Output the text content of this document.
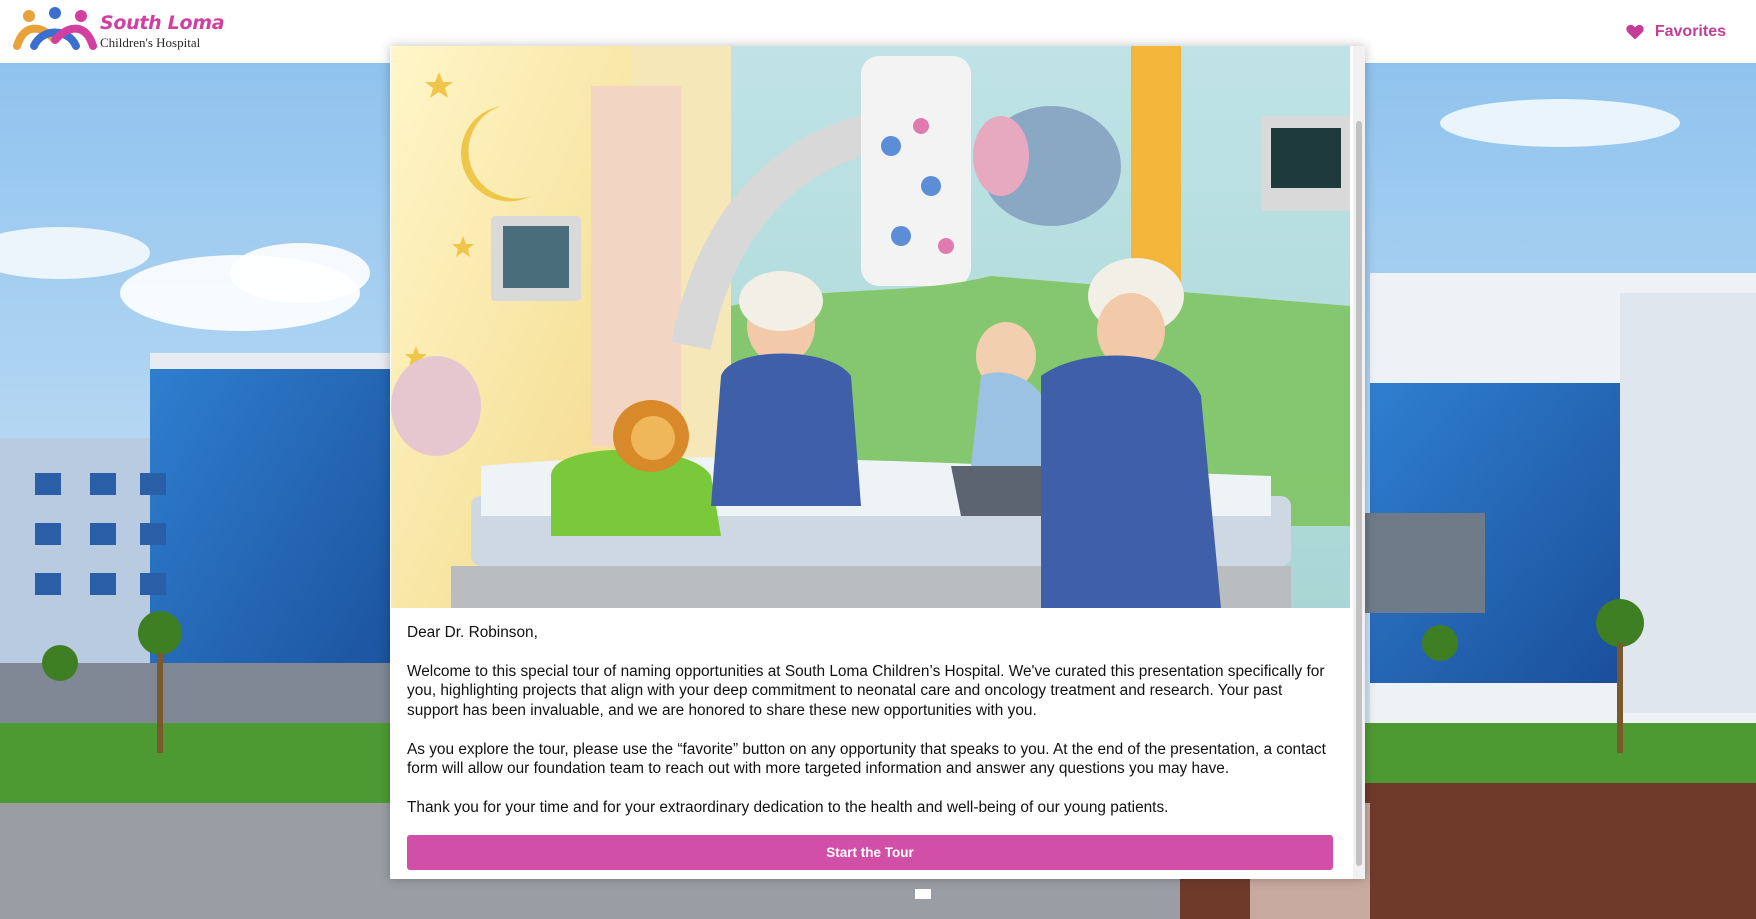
South Loma
Children's Hospital
Favorites

Dear Dr. Robinson,

Welcome to this special tour of naming opportunities at South Loma Children’s Hospital. We've curated this presentation specifically for you, highlighting projects that align with your deep commitment to neonatal care and oncology treatment and research. Your past support has been invaluable, and we are honored to share these new opportunities with you.

As you explore the tour, please use the “favorite” button on any opportunity that speaks to you. At the end of the presentation, a contact form will allow our foundation team to reach out with more targeted information and answer any questions you may have.

Thank you for your time and for your extraordinary dedication to the health and well-being of our young patients.

Start the Tour
